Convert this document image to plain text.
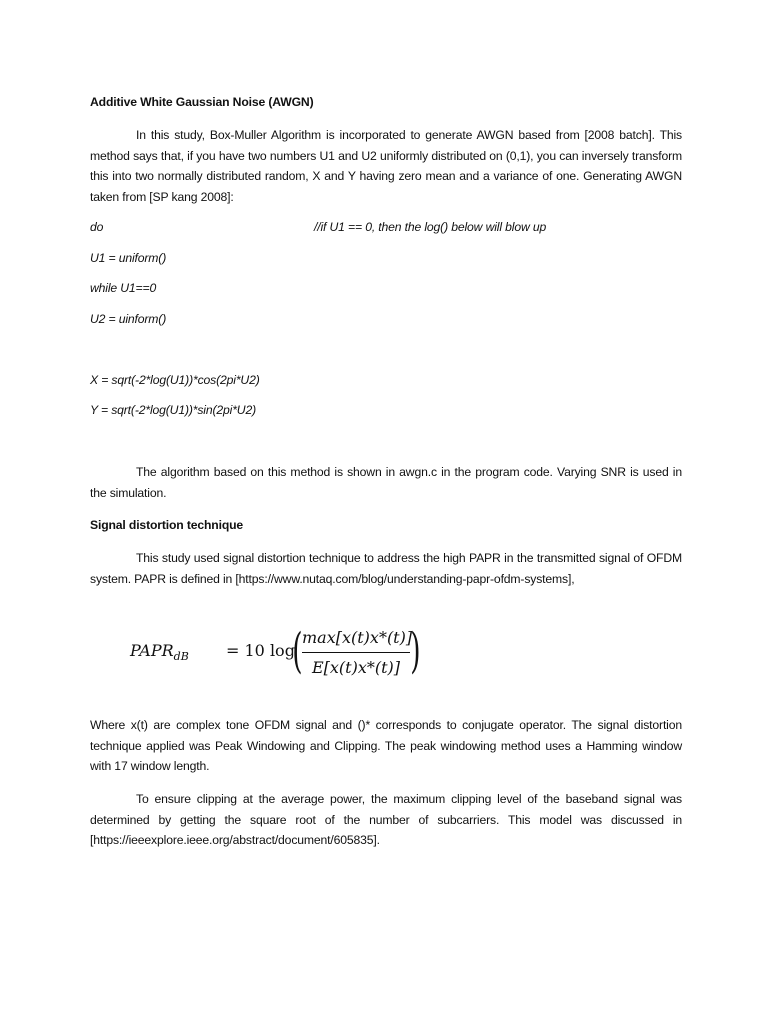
Additive White Gaussian Noise (AWGN)
In this study, Box-Muller Algorithm is incorporated to generate AWGN based from [2008 batch]. This method says that, if you have two numbers U1 and U2 uniformly distributed on (0,1), you can inversely transform this into two normally distributed random, X and Y having zero mean and a variance of one. Generating AWGN taken from [SP kang 2008]:
do	//if U1 == 0, then the log() below will blow up
U1 = uniform()
while U1==0
U2 = uinform()
X = sqrt(-2*log(U1))*cos(2pi*U2)
Y = sqrt(-2*log(U1))*sin(2pi*U2)
The algorithm based on this method is shown in awgn.c in the program code. Varying SNR is used in the simulation.
Signal distortion technique
This study used signal distortion technique to address the high PAPR in the transmitted signal of OFDM system. PAPR is defined in [https://www.nutaq.com/blog/understanding-papr-ofdm-systems],
$PAPR_{dB} = 10$ log
( max[x(t)x*(t)]
E[x(t)x*(t)] )
Where x(t) are complex tone OFDM signal and ()* corresponds to conjugate operator. The signal distortion technique applied was Peak Windowing and Clipping. The peak windowing method uses a Hamming window with 17 window length.
To ensure clipping at the average power, the maximum clipping level of the baseband signal was determined by getting the square root of the number of subcarriers. This model was discussed in [https://ieeexplore.ieee.org/abstract/document/605835].
